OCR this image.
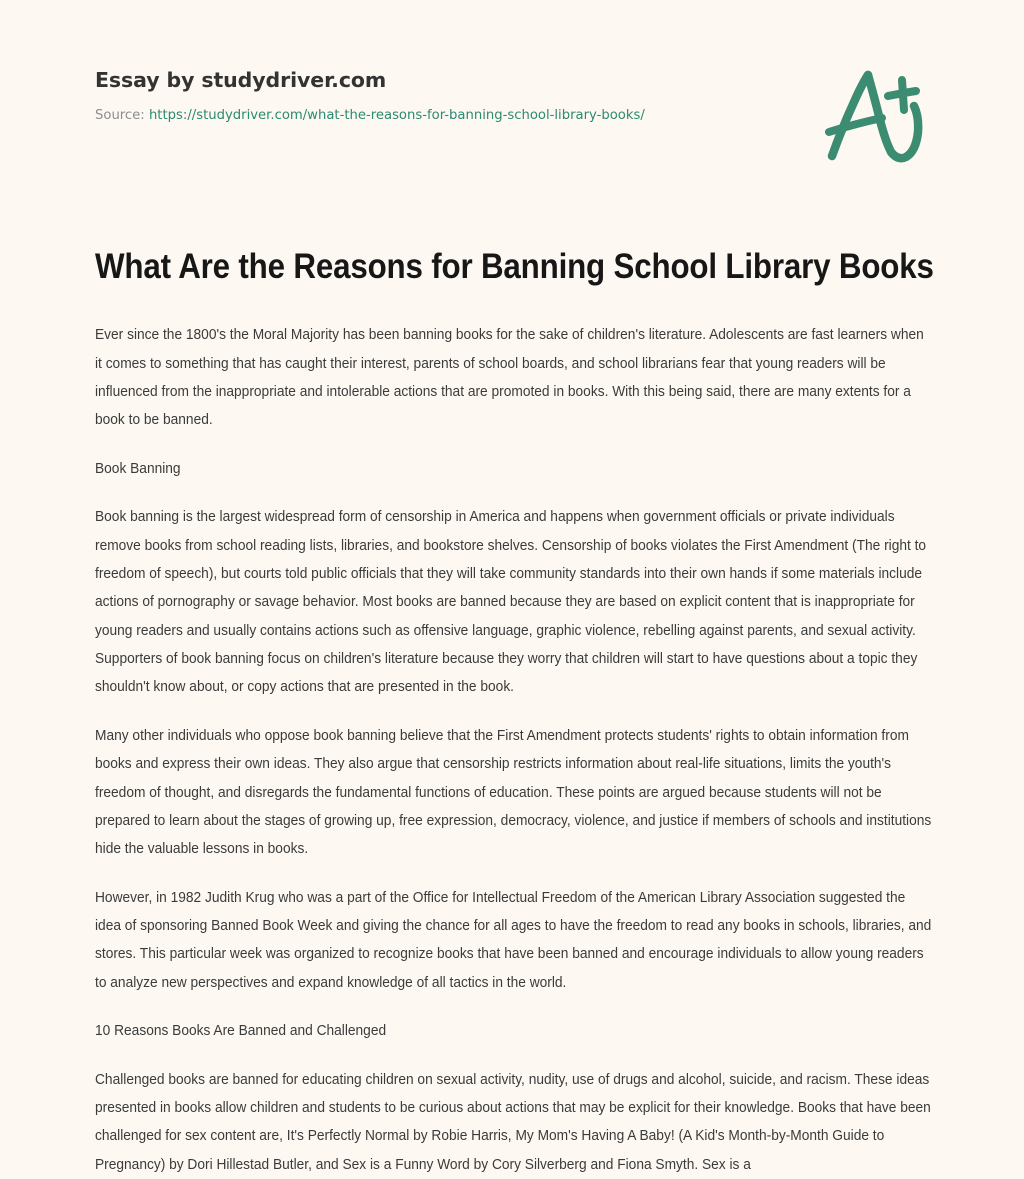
Essay by studydriver.com
Source: https://studydriver.com/what-the-reasons-for-banning-school-library-books/
What Are the Reasons for Banning School Library Books

Ever since the 1800's the Moral Majority has been banning books for the sake of children's literature. Adolescents are fast learners when it comes to something that has caught their interest, parents of school boards, and school librarians fear that young readers will be influenced from the inappropriate and intolerable actions that are promoted in books. With this being said, there are many extents for a book to be banned.

Book Banning

Book banning is the largest widespread form of censorship in America and happens when government officials or private individuals remove books from school reading lists, libraries, and bookstore shelves. Censorship of books violates the First Amendment (The right to freedom of speech), but courts told public officials that they will take community standards into their own hands if some materials include actions of pornography or savage behavior. Most books are banned because they are based on explicit content that is inappropriate for young readers and usually contains actions such as offensive language, graphic violence, rebelling against parents, and sexual activity. Supporters of book banning focus on children's literature because they worry that children will start to have questions about a topic they shouldn't know about, or copy actions that are presented in the book.

Many other individuals who oppose book banning believe that the First Amendment protects students' rights to obtain information from books and express their own ideas. They also argue that censorship restricts information about real-life situations, limits the youth's freedom of thought, and disregards the fundamental functions of education. These points are argued because students will not be prepared to learn about the stages of growing up, free expression, democracy, violence, and justice if members of schools and institutions hide the valuable lessons in books.

However, in 1982 Judith Krug who was a part of the Office for Intellectual Freedom of the American Library Association suggested the idea of sponsoring Banned Book Week and giving the chance for all ages to have the freedom to read any books in schools, libraries, and stores. This particular week was organized to recognize books that have been banned and encourage individuals to allow young readers to analyze new perspectives and expand knowledge of all tactics in the world.

10 Reasons Books Are Banned and Challenged

Challenged books are banned for educating children on sexual activity, nudity, use of drugs and alcohol, suicide, and racism. These ideas presented in books allow children and students to be curious about actions that may be explicit for their knowledge. Books that have been challenged for sex content are, It's Perfectly Normal by Robie Harris, My Mom's Having A Baby! (A Kid's Month-by-Month Guide to Pregnancy) by Dori Hillestad Butler, and Sex is a Funny Word by Cory Silverberg and Fiona Smyth. Sex is a
